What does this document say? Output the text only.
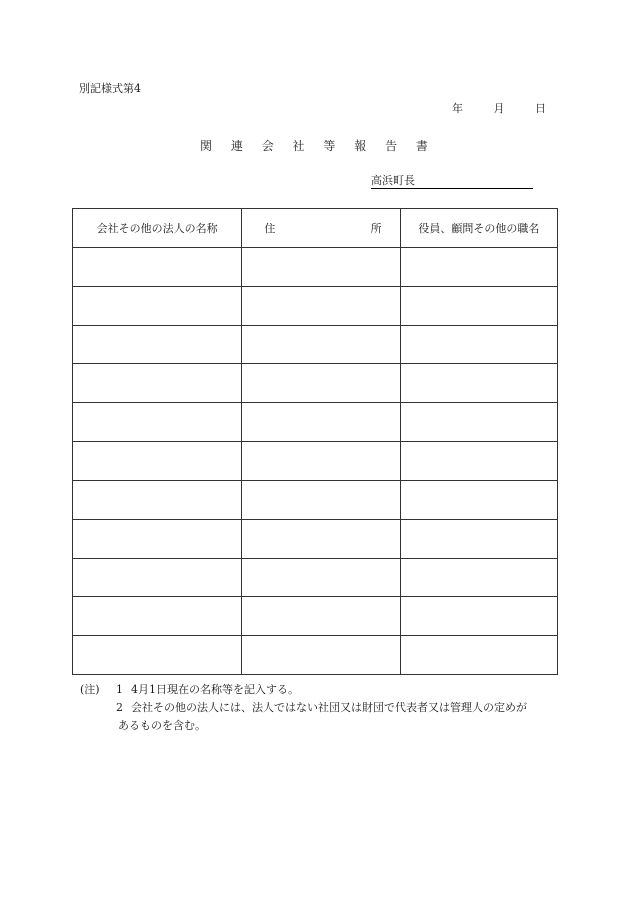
別記様式第4
年	月	日
関 連 会 社 等 報 告 書
高浜町長
会社その他の法人の名称	住 所	役員、顧問その他の職名

(注)	1 4月1日現在の名称等を記入する。
2 会社その他の法人には、法人ではない社団又は財団で代表者又は管理人の定めが
あるものを含む。
